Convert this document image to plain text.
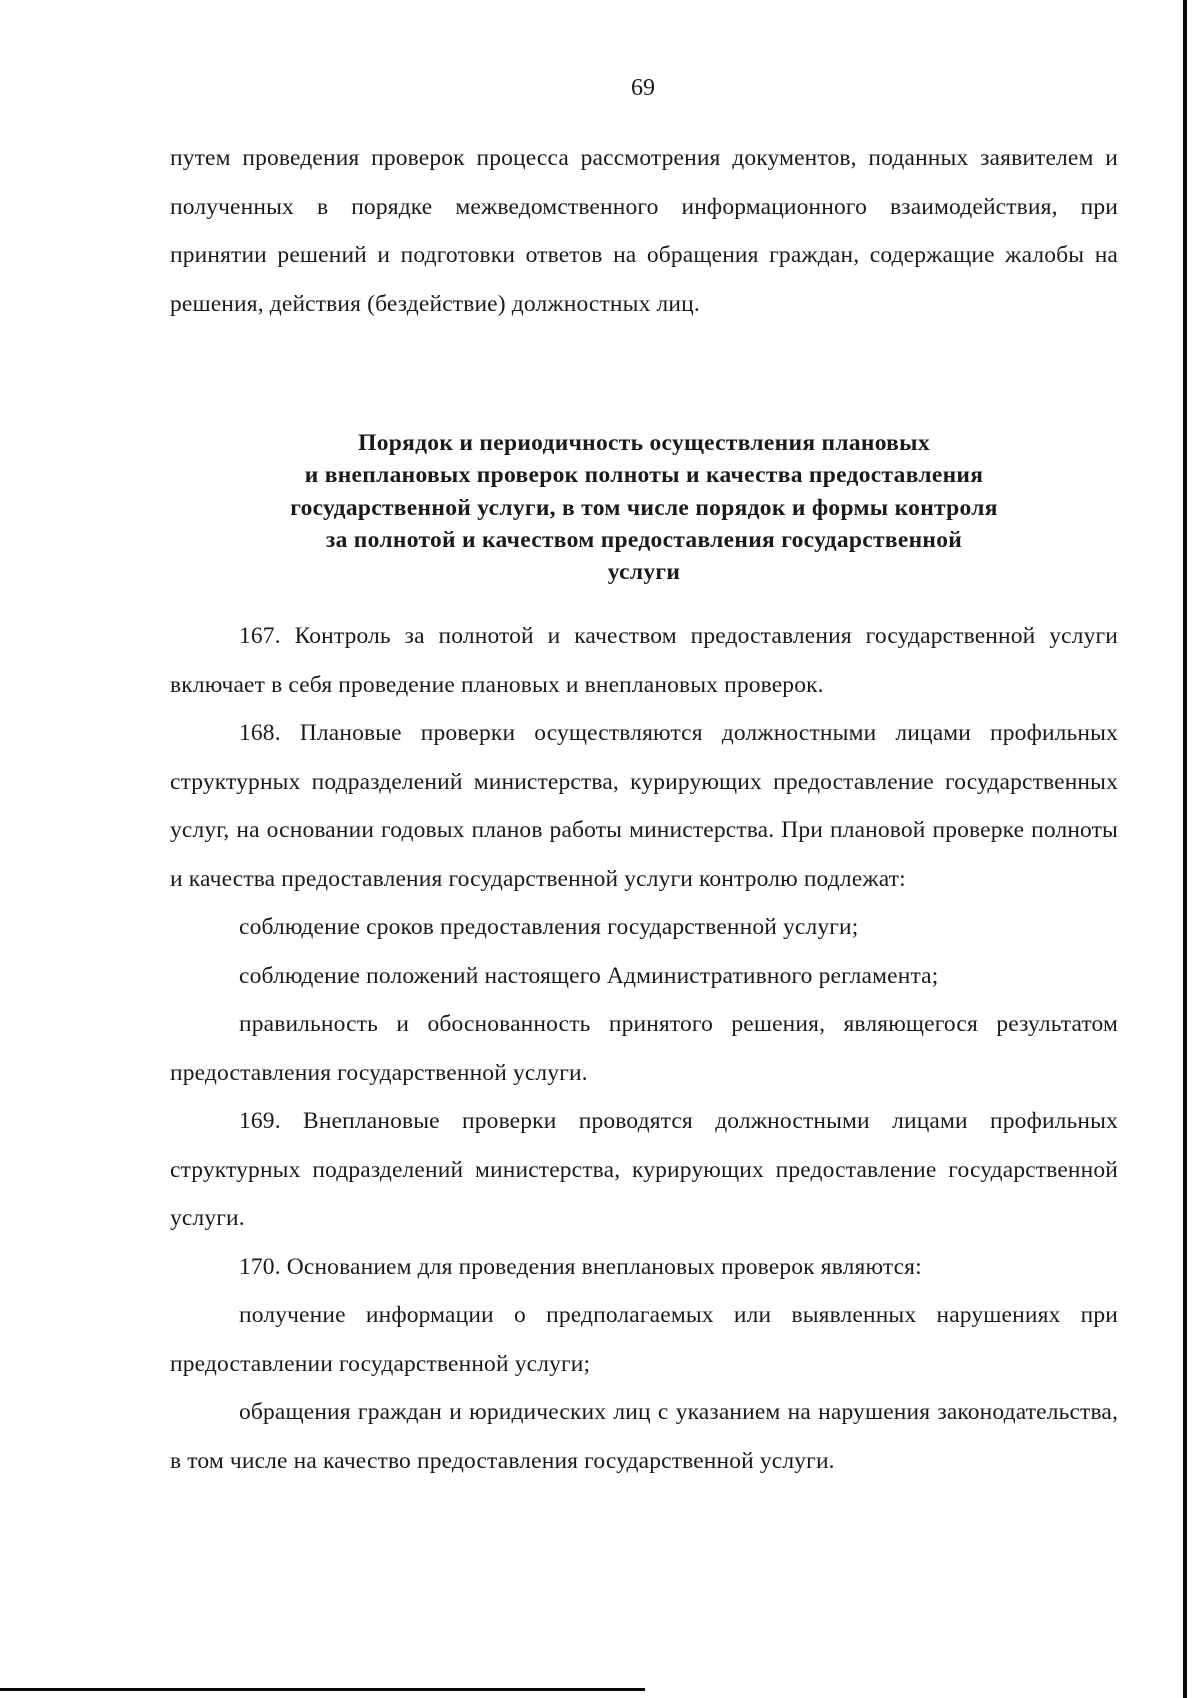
69

путем проведения проверок процесса рассмотрения документов, поданных заявителем и полученных в порядке межведомственного информационного взаимодействия, при принятии решений и подготовки ответов на обращения граждан, содержащие жалобы на решения, действия (бездействие) должностных лиц.

Порядок и периодичность осуществления плановых
и внеплановых проверок полноты и качества предоставления
государственной услуги, в том числе порядок и формы контроля
за полнотой и качеством предоставления государственной
услуги

167. Контроль за полнотой и качеством предоставления государственной услуги включает в себя проведение плановых и внеплановых проверок.

168. Плановые проверки осуществляются должностными лицами профильных структурных подразделений министерства, курирующих предоставление государственных услуг, на основании годовых планов работы министерства. При плановой проверке полноты и качества предоставления государственной услуги контролю подлежат:

соблюдение сроков предоставления государственной услуги;

соблюдение положений настоящего Административного регламента;

правильность и обоснованность принятого решения, являющегося результатом предоставления государственной услуги.

169. Внеплановые проверки проводятся должностными лицами профильных структурных подразделений министерства, курирующих предоставление государственной услуги.

170. Основанием для проведения внеплановых проверок являются:

получение информации о предполагаемых или выявленных нарушениях при предоставлении государственной услуги;

обращения граждан и юридических лиц с указанием на нарушения законодательства, в том числе на качество предоставления государственной услуги.
